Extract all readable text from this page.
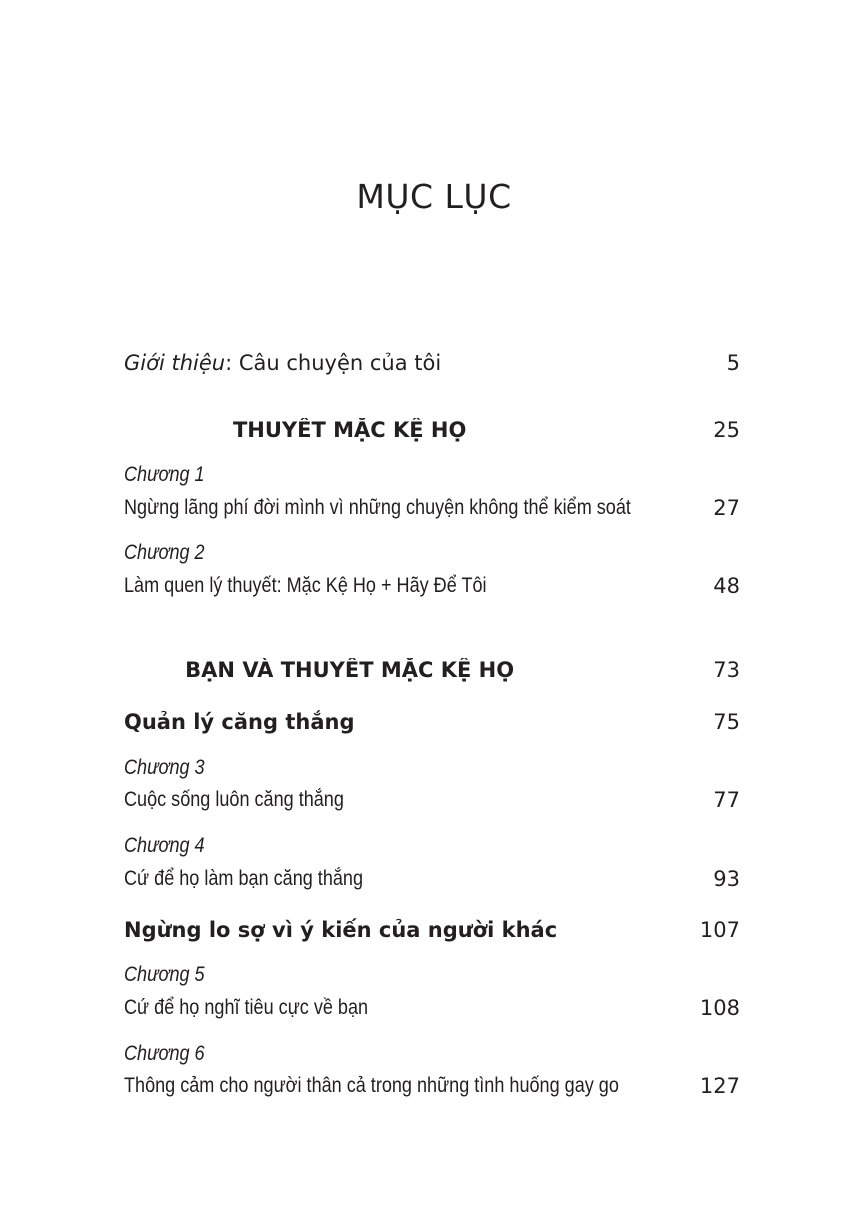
MỤC LỤC
Giới thiệu: Câu chuyện của tôi	5
THUYẾT MẶC KỆ HỌ	25
Chương 1
Ngừng lãng phí đời mình vì những chuyện không thể kiểm soát	27
Chương 2
Làm quen lý thuyết: Mặc Kệ Họ + Hãy Để Tôi	48
BẠN VÀ THUYẾT MẶC KỆ HỌ	73
Quản lý căng thẳng	75
Chương 3
Cuộc sống luôn căng thẳng	77
Chương 4
Cứ để họ làm bạn căng thẳng	93
Ngừng lo sợ vì ý kiến của người khác	107
Chương 5
Cứ để họ nghĩ tiêu cực về bạn	108
Chương 6
Thông cảm cho người thân cả trong những tình huống gay go	127
